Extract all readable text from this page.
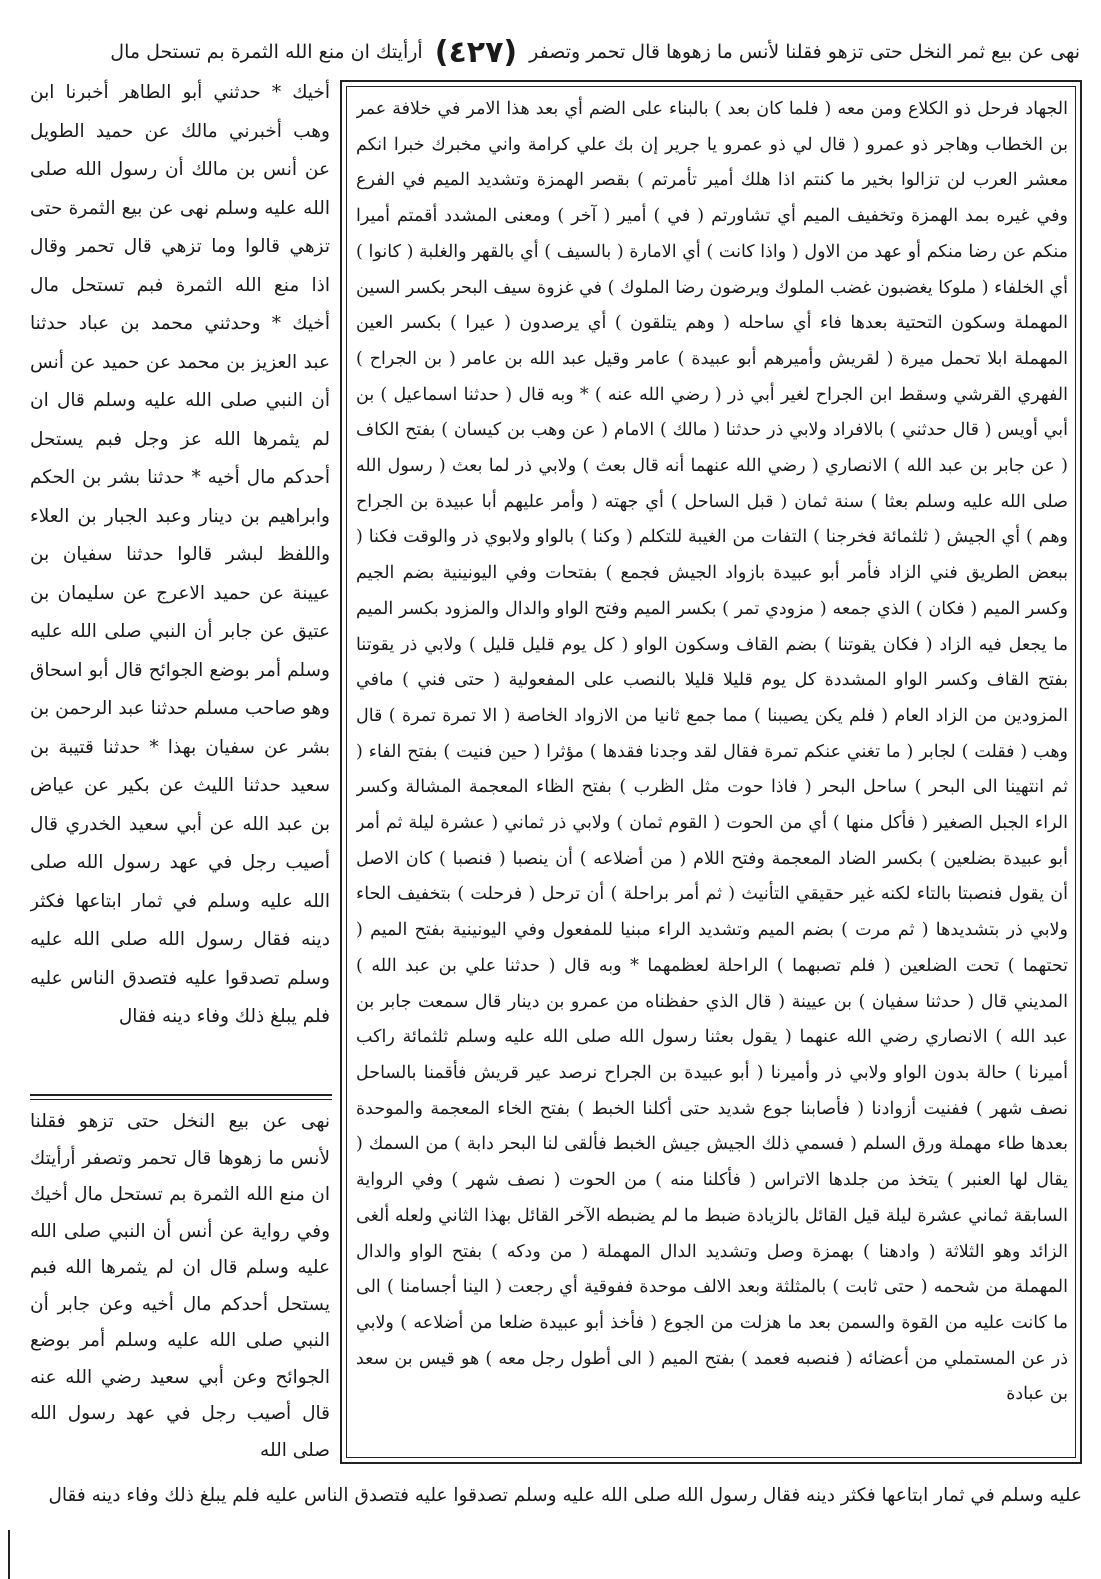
نهى عن بيع ثمر النخل حتى تزهو فقلنا لأنس ما زهوها قال تحمر وتصفر (٤٢٧) أرأيتك ان منع الله الثمرة بم تستحل مال

أخيك * حدثني أبو الطاهر أخبرنا ابن وهب أخبرني مالك عن حميد الطويل عن أنس بن مالك أن رسول الله صلى الله عليه وسلم نهى عن بيع الثمرة حتى تزهي قالوا وما تزهي قال تحمر وقال اذا منع الله الثمرة فبم تستحل مال أخيك * وحدثني محمد بن عباد حدثنا عبد العزيز بن محمد عن حميد عن أنس أن النبي صلى الله عليه وسلم قال ان لم يثمرها الله عز وجل فبم يستحل أحدكم مال أخيه * حدثنا بشر بن الحكم وابراهيم بن دينار وعبد الجبار بن العلاء واللفظ لبشر قالوا حدثنا سفيان بن عيينة عن حميد الاعرج عن سليمان بن عتيق عن جابر أن النبي صلى الله عليه وسلم أمر بوضع الجوائح قال أبو اسحاق وهو صاحب مسلم حدثنا عبد الرحمن بن بشر عن سفيان بهذا * حدثنا قتيبة بن سعيد حدثنا الليث عن بكير عن عياض بن عبد الله عن أبي سعيد الخدري قال أصيب رجل في عهد رسول الله صلى الله عليه وسلم في ثمار ابتاعها فكثر دينه فقال رسول الله صلى الله عليه وسلم تصدقوا عليه فتصدق الناس عليه فلم يبلغ ذلك وفاء دينه فقال

نهى عن بيع النخل حتى تزهو فقلنا لأنس ما زهوها قال تحمر وتصفر أرأيتك ان منع الله الثمرة بم تستحل مال أخيك وفي رواية عن أنس أن النبي صلى الله عليه وسلم قال ان لم يثمرها الله فبم يستحل أحدكم مال أخيه وعن جابر أن النبي صلى الله عليه وسلم أمر بوضع الجوائح وعن أبي سعيد رضي الله عنه قال أصيب رجل في عهد رسول الله صلى الله

الجهاد فرحل ذو الكلاع ومن معه ( فلما كان بعد ) بالبناء على الضم أي بعد هذا الامر في خلافة عمر بن الخطاب وهاجر ذو عمرو ( قال لي ذو عمرو يا جرير إن بك علي كرامة واني مخبرك خبرا انكم معشر العرب لن تزالوا بخير ما كنتم اذا هلك أمير تأمرتم ) بقصر الهمزة وتشديد الميم في الفرع وفي غيره بمد الهمزة وتخفيف الميم أي تشاورتم ( في ) أمير ( آخر ) ومعنى المشدد أقمتم أميرا منكم عن رضا منكم أو عهد من الاول ( واذا كانت ) أي الامارة ( بالسيف ) أي بالقهر والغلبة ( كانوا ) أي الخلفاء ( ملوكا يغضبون غضب الملوك ويرضون رضا الملوك ) في غزوة سيف البحر بكسر السين المهملة وسكون التحتية بعدها فاء أي ساحله ( وهم يتلقون ) أي يرصدون ( عيرا ) بكسر العين المهملة ابلا تحمل ميرة ( لقريش وأميرهم أبو عبيدة ) عامر وقيل عبد الله بن عامر ( بن الجراح ) الفهري القرشي وسقط ابن الجراح لغير أبي ذر ( رضي الله عنه ) * وبه قال ( حدثنا اسماعيل ) بن أبي أويس ( قال حدثني ) بالافراد ولابي ذر حدثنا ( مالك ) الامام ( عن وهب بن كيسان ) بفتح الكاف ( عن جابر بن عبد الله ) الانصاري ( رضي الله عنهما أنه قال بعث ) ولابي ذر لما بعث ( رسول الله صلى الله عليه وسلم بعثا ) سنة ثمان ( قبل الساحل ) أي جهته ( وأمر عليهم أبا عبيدة بن الجراح وهم ) أي الجيش ( ثلثمائة فخرجنا ) التفات من الغيبة للتكلم ( وكنا ) بالواو ولابوي ذر والوقت فكنا ( ببعض الطريق فني الزاد فأمر أبو عبيدة بازواد الجيش فجمع ) بفتحات وفي اليونينية بضم الجيم وكسر الميم ( فكان ) الذي جمعه ( مزودي تمر ) بكسر الميم وفتح الواو والدال والمزود بكسر الميم ما يجعل فيه الزاد ( فكان يقوتنا ) بضم القاف وسكون الواو ( كل يوم قليل قليل ) ولابي ذر يقوتنا بفتح القاف وكسر الواو المشددة كل يوم قليلا قليلا بالنصب على المفعولية ( حتى فني ) مافي المزودين من الزاد العام ( فلم يكن يصيبنا ) مما جمع ثانيا من الازواد الخاصة ( الا تمرة تمرة ) قال وهب ( فقلت ) لجابر ( ما تغني عنكم تمرة فقال لقد وجدنا فقدها ) مؤثرا ( حين فنيت ) بفتح الفاء ( ثم انتهينا الى البحر ) ساحل البحر ( فاذا حوت مثل الظرب ) بفتح الظاء المعجمة المشالة وكسر الراء الجبل الصغير ( فأكل منها ) أي من الحوت ( القوم ثمان ) ولابي ذر ثماني ( عشرة ليلة ثم أمر أبو عبيدة بضلعين ) بكسر الضاد المعجمة وفتح اللام ( من أضلاعه ) أن ينصبا ( فنصبا ) كان الاصل أن يقول فنصبتا بالتاء لكنه غير حقيقي التأنيث ( ثم أمر براحلة ) أن ترحل ( فرحلت ) بتخفيف الحاء ولابي ذر بتشديدها ( ثم مرت ) بضم الميم وتشديد الراء مبنيا للمفعول وفي اليونينية بفتح الميم ( تحتهما ) تحت الضلعين ( فلم تصبهما ) الراحلة لعظمهما * وبه قال ( حدثنا علي بن عبد الله ) المديني قال ( حدثنا سفيان ) بن عيينة ( قال الذي حفظناه من عمرو بن دينار قال سمعت جابر بن عبد الله ) الانصاري رضي الله عنهما ( يقول بعثنا رسول الله صلى الله عليه وسلم ثلثمائة راكب أميرنا ) حالة بدون الواو ولابي ذر وأميرنا ( أبو عبيدة بن الجراح نرصد عير قريش فأقمنا بالساحل نصف شهر ) ففنيت أزوادنا ( فأصابنا جوع شديد حتى أكلنا الخبط ) بفتح الخاء المعجمة والموحدة بعدها طاء مهملة ورق السلم ( فسمي ذلك الجيش جيش الخبط فألقى لنا البحر دابة ) من السمك ( يقال لها العنبر ) يتخذ من جلدها الاتراس ( فأكلنا منه ) من الحوت ( نصف شهر ) وفي الرواية السابقة ثماني عشرة ليلة قيل القائل بالزيادة ضبط ما لم يضبطه الآخر القائل بهذا الثاني ولعله ألغى الزائد وهو الثلاثة ( وادهنا ) بهمزة وصل وتشديد الدال المهملة ( من ودكه ) بفتح الواو والدال المهملة من شحمه ( حتى ثابت ) بالمثلثة وبعد الالف موحدة ففوقية أي رجعت ( الينا أجسامنا ) الى ما كانت عليه من القوة والسمن بعد ما هزلت من الجوع ( فأخذ أبو عبيدة ضلعا من أضلاعه ) ولابي ذر عن المستملي من أعضائه ( فنصبه فعمد ) بفتح الميم ( الى أطول رجل معه ) هو قيس بن سعد بن عبادة

عليه وسلم في ثمار ابتاعها فكثر دينه فقال رسول الله صلى الله عليه وسلم تصدقوا عليه فتصدق الناس عليه فلم يبلغ ذلك وفاء دينه فقال
